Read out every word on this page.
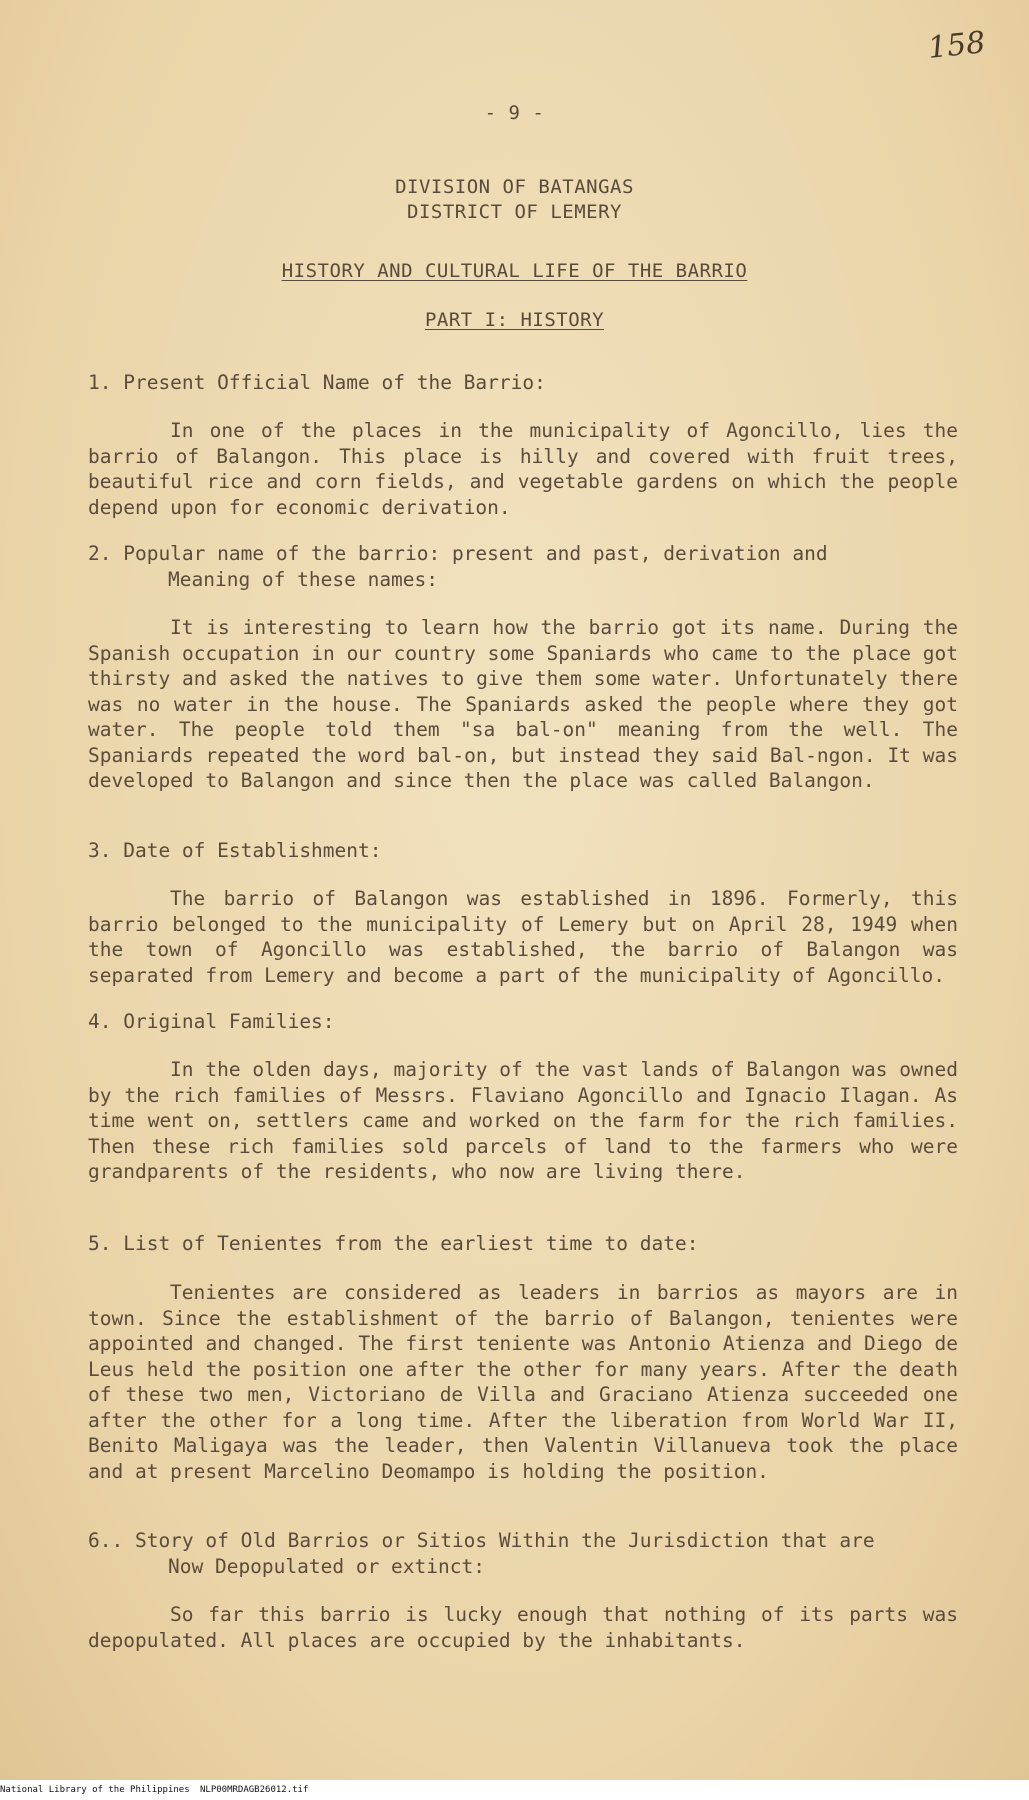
158
- 9 -
DIVISION OF BATANGAS
DISTRICT OF LEMERY
HISTORY AND CULTURAL LIFE OF THE BARRIO
PART I: HISTORY
1. Present Official Name of the Barrio:

In one of the places in the municipality of Agoncillo, lies the barrio of Balangon. This place is hilly and covered with fruit trees, beautiful rice and corn fields, and vegetable gardens on which the people depend upon for economic derivation.

2. Popular name of the barrio: present and past, derivation and
Meaning of these names:

It is interesting to learn how the barrio got its name. During the Spanish occupation in our country some Spaniards who came to the place got thirsty and asked the natives to give them some water. Unfortunately there was no water in the house. The Spaniards asked the people where they got water. The people told them "sa bal-on" meaning from the well. The Spaniards repeated the word bal-on, but instead they said Bal-ngon. It was developed to Balangon and since then the place was called Balangon.

3. Date of Establishment:

The barrio of Balangon was established in 1896. Formerly, this barrio belonged to the municipality of Lemery but on April 28, 1949 when the town of Agoncillo was established, the barrio of Balangon was separated from Lemery and become a part of the municipality of Agoncillo.

4. Original Families:

In the olden days, majority of the vast lands of Balangon was owned by the rich families of Messrs. Flaviano Agoncillo and Ignacio Ilagan. As time went on, settlers came and worked on the farm for the rich families. Then these rich families sold parcels of land to the farmers who were grandparents of the residents, who now are living there.

5. List of Tenientes from the earliest time to date:

Tenientes are considered as leaders in barrios as mayors are in town. Since the establishment of the barrio of Balangon, tenientes were appointed and changed. The first teniente was Antonio Atienza and Diego de Leus held the position one after the other for many years. After the death of these two men, Victoriano de Villa and Graciano Atienza succeeded one after the other for a long time. After the liberation from World War II, Benito Maligaya was the leader, then Valentin Villanueva took the place and at present Marcelino Deomampo is holding the position.

6.. Story of Old Barrios or Sitios Within the Jurisdiction that are
Now Depopulated or extinct:

So far this barrio is lucky enough that nothing of its parts was depopulated. All places are occupied by the inhabitants.

National Library of the Philippines NLP00MRDAGB26012.tif
